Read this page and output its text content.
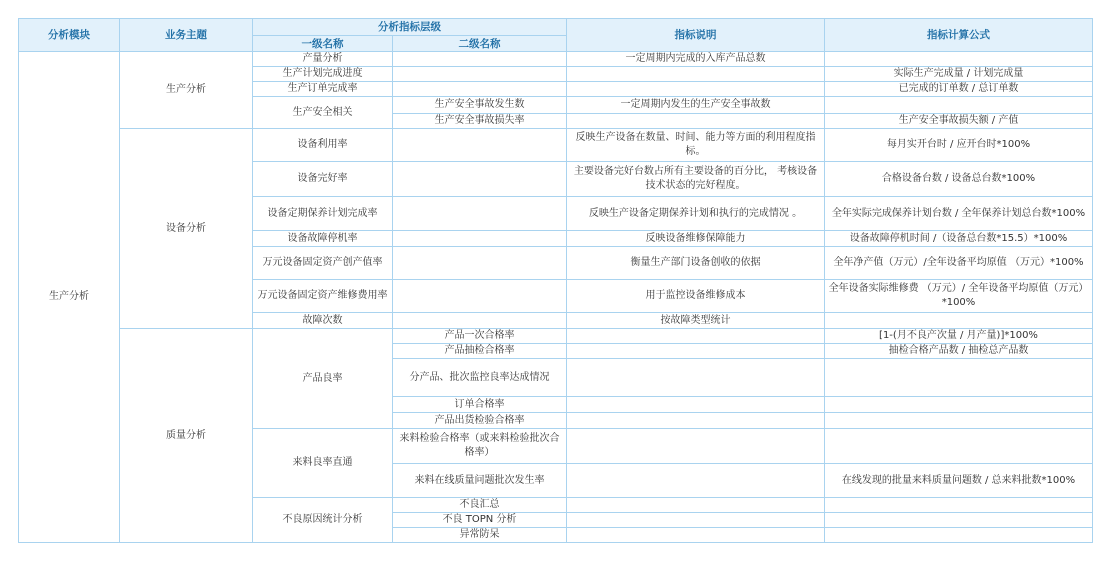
分析模块	业务主题	分析指标层级		指标说明	指标计算公式
		一级名称	二级名称		
生产分析	生产分析	产量分析		一定周期内完成的入库产品总数	
		生产计划完成进度			实际生产完成量 / 计划完成量
		生产订单完成率			已完成的订单数 / 总订单数
		生产安全相关	生产安全事故发生数	一定周期内发生的生产安全事故数	
			生产安全事故损失率		生产安全事故损失额 / 产值
	设备分析	设备利用率		反映生产设备在数量、时间、能力等方面的利用程度指标。	每月实开台时 / 应开台时*100%
		设备完好率		主要设备完好台数占所有主要设备的百分比， 考核设备技术状态的完好程度。	合格设备台数 / 设备总台数*100%
		设备定期保养计划完成率		反映生产设备定期保养计划和执行的完成情况 。	全年实际完成保养计划台数 / 全年保养计划总台数*100%
		设备故障停机率		反映设备维修保障能力	设备故障停机时间 /（设备总台数*15.5）*100%
		万元设备固定资产创产值率		衡量生产部门设备创收的依据	全年净产值（万元）/全年设备平均原值 （万元）*100%
		万元设备固定资产维修费用率		用于监控设备维修成本	全年设备实际维修费 （万元）/ 全年设备平均原值（万元）*100%
		故障次数		按故障类型统计	
	质量分析	产品良率	产品一次合格率		[1-(月不良产次量 / 月产量)]*100%
			产品抽检合格率		抽检合格产品数 / 抽检总产品数
			分产品、批次监控良率达成情况		
			订单合格率		
			产品出货检验合格率		
		来料良率直通	来料检验合格率（或来料检验批次合格率）		
			来料在线质量问题批次发生率		在线发现的批量来料质量问题数 / 总来料批数*100%
		不良原因统计分析	不良汇总		
			不良 TOPN 分析		
			异常防呆		
